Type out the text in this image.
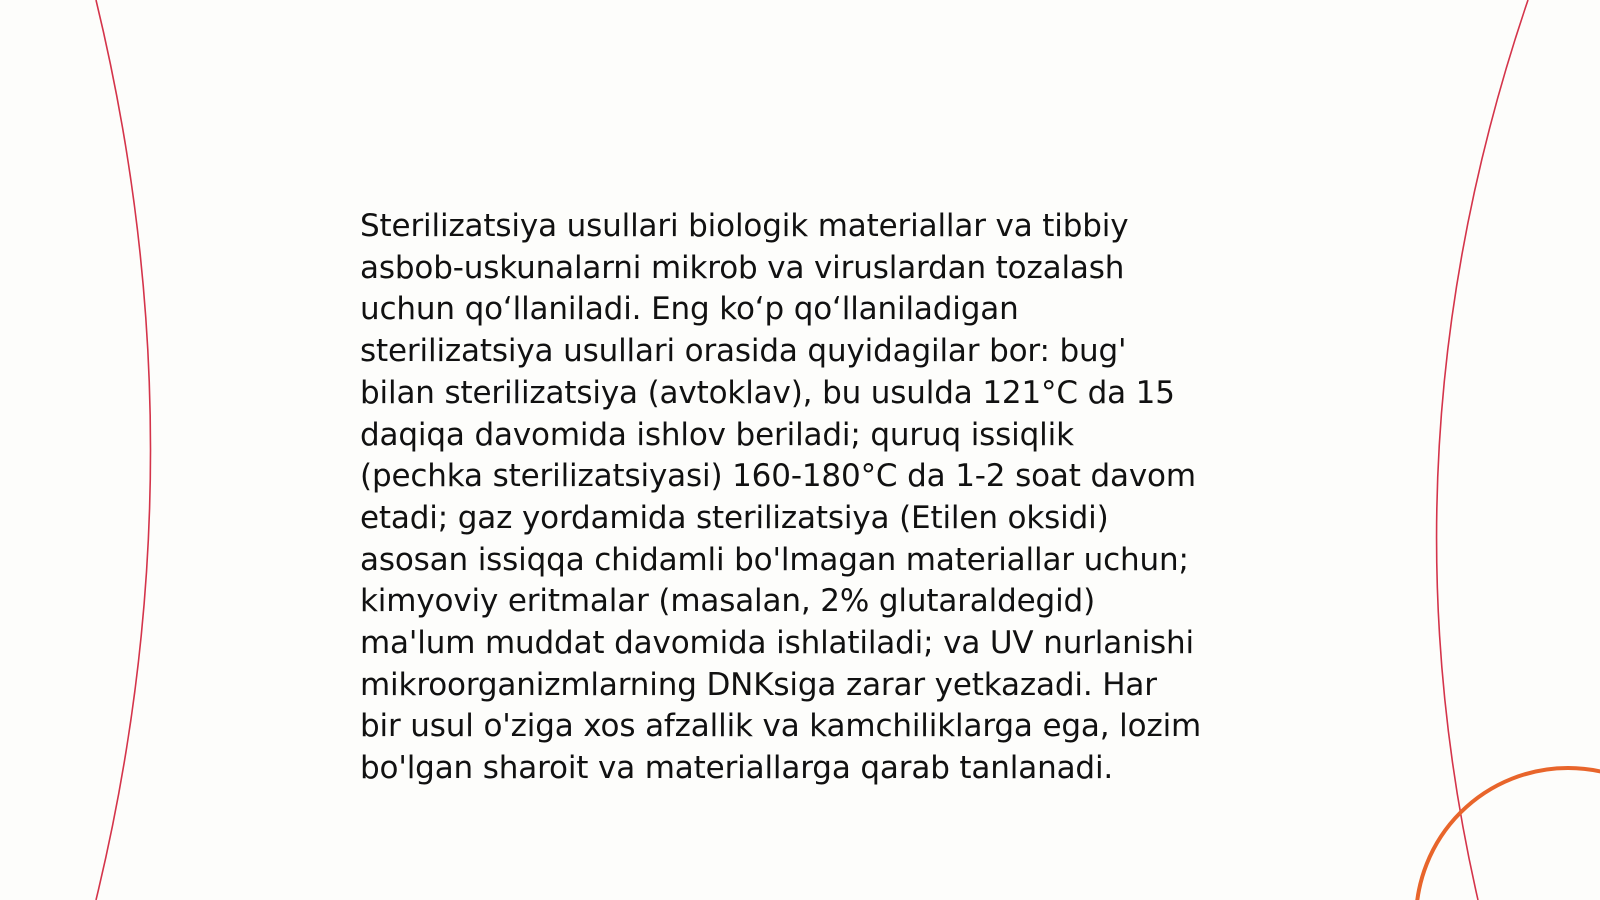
Sterilizatsiya usullari biologik materiallar va tibbiy
asbob-uskunalarni mikrob va viruslardan tozalash
uchun qo‘llaniladi. Eng ko‘p qo‘llaniladigan
sterilizatsiya usullari orasida quyidagilar bor: bug'
bilan sterilizatsiya (avtoklav), bu usulda 121°C da 15
daqiqa davomida ishlov beriladi; quruq issiqlik
(pechka sterilizatsiyasi) 160-180°C da 1-2 soat davom
etadi; gaz yordamida sterilizatsiya (Etilen oksidi)
asosan issiqqa chidamli bo'lmagan materiallar uchun;
kimyoviy eritmalar (masalan, 2% glutaraldegid)
ma'lum muddat davomida ishlatiladi; va UV nurlanishi
mikroorganizmlarning DNKsiga zarar yetkazadi. Har
bir usul o'ziga xos afzallik va kamchiliklarga ega, lozim
bo'lgan sharoit va materiallarga qarab tanlanadi.
